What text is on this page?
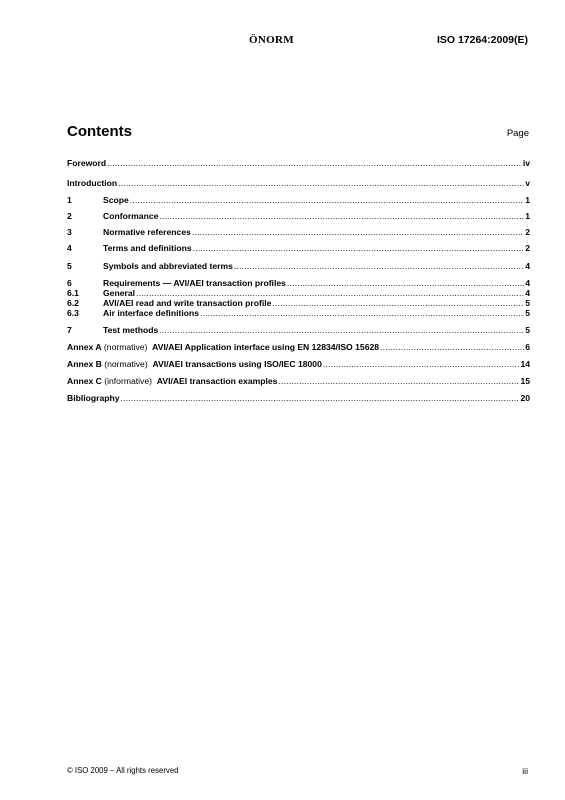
ÖNORM	ISO 17264:2009(E)
Contents	Page
Foreword .....	iv
Introduction .....	v
1	Scope .....	1
2	Conformance .....	1
3	Normative references .....	2
4	Terms and definitions .....	2
5	Symbols and abbreviated terms .....	4
6	Requirements — AVI/AEI transaction profiles .....	4
6.1	General .....	4
6.2	AVI/AEI read and write transaction profile .....	5
6.3	Air interface definitions .....	5
7	Test methods .....	5
Annex A (normative) AVI/AEI Application interface using EN 12834/ISO 15628 .....	6
Annex B (normative) AVI/AEI transactions using ISO/IEC 18000 .....	14
Annex C (informative) AVI/AEI transaction examples .....	15
Bibliography .....	20
© ISO 2009 – All rights reserved	iii
